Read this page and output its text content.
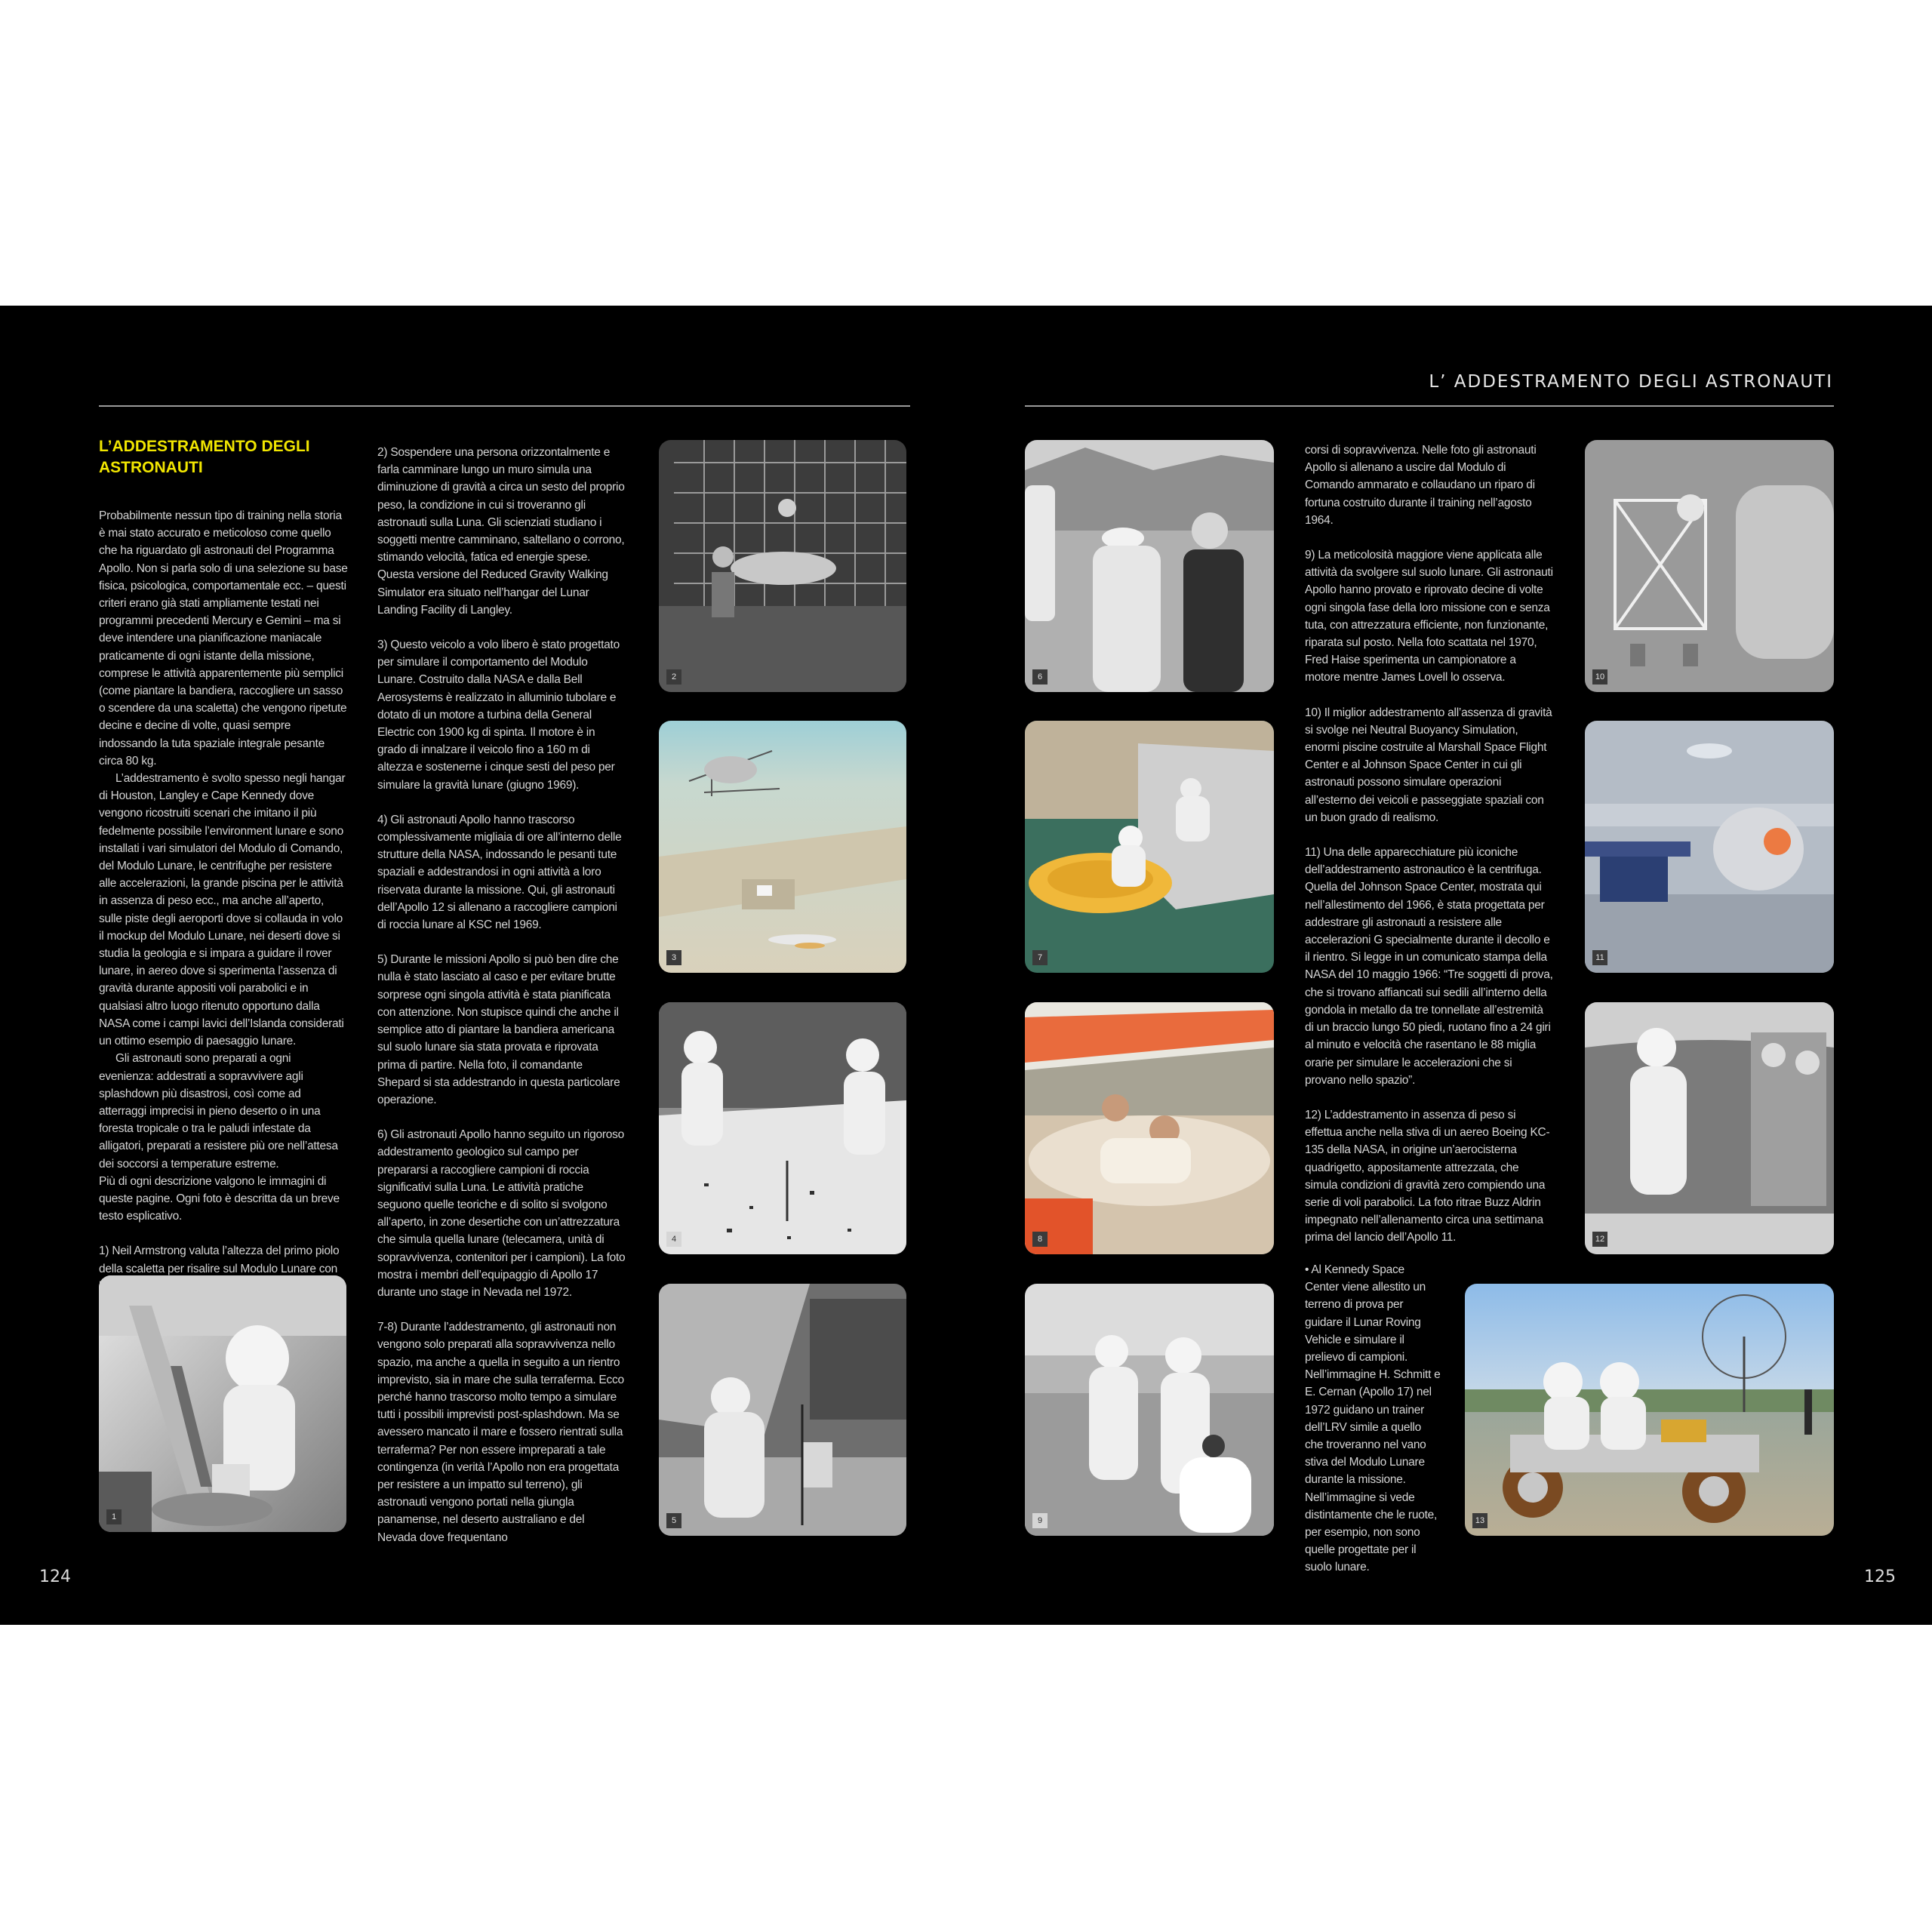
L’ ADDESTRAMENTO DEGLI ASTRONAUTI
L’ADDESTRAMENTO DEGLI ASTRONAUTI

Probabilmente nessun tipo di training nella storia è mai stato accurato e meticoloso come quello che ha riguardato gli astronauti del Programma Apollo. Non si parla solo di una selezione su base fisica, psicologica, comportamentale ecc. – questi criteri erano già stati ampliamente testati nei programmi precedenti Mercury e Gemini – ma si deve intendere una pianificazione maniacale praticamente di ogni istante della missione, comprese le attività apparentemente più semplici (come piantare la bandiera, raccogliere un sasso o scendere da una scaletta) che vengono ripetute decine e decine di volte, quasi sempre indossando la tuta spaziale integrale pesante circa 80 kg.

L’addestramento è svolto spesso negli hangar di Houston, Langley e Cape Kennedy dove vengono ricostruiti scenari che imitano il più fedelmente possibile l’environment lunare e sono installati i vari simulatori del Modulo di Comando, del Modulo Lunare, le centrifughe per resistere alle accelerazioni, la grande piscina per le attività in assenza di peso ecc., ma anche all’aperto, sulle piste degli aeroporti dove si collauda in volo il mockup del Modulo Lunare, nei deserti dove si studia la geologia e si impara a guidare il rover lunare, in aereo dove si sperimenta l’assenza di gravità durante appositi voli parabolici e in qualsiasi altro luogo ritenuto opportuno dalla NASA come i campi lavici dell’Islanda considerati un ottimo esempio di paesaggio lunare.

Gli astronauti sono preparati a ogni evenienza: addestrati a sopravvivere agli splashdown più disastrosi, così come ad atterraggi imprecisi in pieno deserto o in una foresta tropicale o tra le paludi infestate da alligatori, preparati a resistere più ore nell’attesa dei soccorsi a temperature estreme.

Più di ogni descrizione valgono le immagini di queste pagine. Ogni foto è descritta da un breve testo esplicativo.

1) Neil Armstrong valuta l’altezza del primo piolo della scaletta per risalire sul Modulo Lunare con

2) Sospendere una persona orizzontalmente e farla camminare lungo un muro simula una diminuzione di gravità a circa un sesto del proprio peso, la condizione in cui si troveranno gli astronauti sulla Luna. Gli scienziati studiano i soggetti mentre camminano, saltellano o corrono, stimando velocità, fatica ed energie spese.

Questa versione del Reduced Gravity Walking Simulator era situato nell’hangar del Lunar Landing Facility di Langley.

3) Questo veicolo a volo libero è stato progettato per simulare il comportamento del Modulo Lunare. Costruito dalla NASA e dalla Bell Aerosystems è realizzato in alluminio tubolare e dotato di un motore a turbina della General Electric con 1900 kg di spinta. Il motore è in grado di innalzare il veicolo fino a 160 m di altezza e sostenerne i cinque sesti del peso per simulare la gravità lunare (giugno 1969).

4) Gli astronauti Apollo hanno trascorso complessivamente migliaia di ore all’interno delle strutture della NASA, indossando le pesanti tute spaziali e addestrandosi in ogni attività a loro riservata durante la missione. Qui, gli astronauti dell’Apollo 12 si allenano a raccogliere campioni di roccia lunare al KSC nel 1969.

5) Durante le missioni Apollo si può ben dire che nulla è stato lasciato al caso e per evitare brutte sorprese ogni singola attività è stata pianificata con attenzione. Non stupisce quindi che anche il semplice atto di piantare la bandiera americana sul suolo lunare sia stata provata e riprovata prima di partire. Nella foto, il comandante Shepard si sta addestrando in questa particolare operazione.

6) Gli astronauti Apollo hanno seguito un rigoroso addestramento geologico sul campo per prepararsi a raccogliere campioni di roccia significativi sulla Luna. Le attività pratiche seguono quelle teoriche e di solito si svolgono all’aperto, in zone desertiche con un’attrezzatura che simula quella lunare (telecamera, unità di sopravvivenza, contenitori per i campioni). La foto mostra i membri dell’equipaggio di Apollo 17 durante uno stage in Nevada nel 1972.

7-8) Durante l’addestramento, gli astronauti non vengono solo preparati alla sopravvivenza nello spazio, ma anche a quella in seguito a un rientro imprevisto, sia in mare che sulla terraferma. Ecco perché hanno trascorso molto tempo a simulare tutti i possibili imprevisti post-splashdown. Ma se avessero mancato il mare e fossero rientrati sulla terraferma? Per non essere impreparati a tale contingenza (in verità l’Apollo non era progettata per resistere a un impatto sul terreno), gli astronauti vengono portati nella giungla panamense, nel deserto australiano e del Nevada dove frequentano

corsi di sopravvivenza. Nelle foto gli astronauti Apollo si allenano a uscire dal Modulo di Comando ammarato e collaudano un riparo di fortuna costruito durante il training nell’agosto 1964.

9) La meticolosità maggiore viene applicata alle attività da svolgere sul suolo lunare. Gli astronauti Apollo hanno provato e riprovato decine di volte ogni singola fase della loro missione con e senza tuta, con attrezzatura efficiente, non funzionante, riparata sul posto. Nella foto scattata nel 1970, Fred Haise sperimenta un campionatore a motore mentre James Lovell lo osserva.

10) Il miglior addestramento all’assenza di gravità si svolge nei Neutral Buoyancy Simulation, enormi piscine costruite al Marshall Space Flight Center e al Johnson Space Center in cui gli astronauti possono simulare operazioni all’esterno dei veicoli e passeggiate spaziali con un buon grado di realismo.

11) Una delle apparecchiature più iconiche dell’addestramento astronautico è la centrifuga. Quella del Johnson Space Center, mostrata qui nell’allestimento del 1966, è stata progettata per addestrare gli astronauti a resistere alle accelerazioni G specialmente durante il decollo e il rientro. Si legge in un comunicato stampa della NASA del 10 maggio 1966: “Tre soggetti di prova, che si trovano affiancati sui sedili all’interno della gondola in metallo da tre tonnellate all’estremità di un braccio lungo 50 piedi, ruotano fino a 24 giri al minuto e velocità che rasentano le 88 miglia orarie per simulare le accelerazioni che si provano nello spazio”.

12) L’addestramento in assenza di peso si effettua anche nella stiva di un aereo Boeing KC-135 della NASA, in origine un’aerocisterna quadrigetto, appositamente attrezzata, che simula condizioni di gravità zero compiendo una serie di voli parabolici. La foto ritrae Buzz Aldrin impegnato nell’allenamento circa una settimana prima del lancio dell’Apollo 11.

• Al Kennedy Space Center viene allestito un terreno di prova per guidare il Lunar Roving Vehicle e simulare il prelievo di campioni. Nell’immagine H. Schmitt e E. Cernan (Apollo 17) nel 1972 guidano un trainer dell’LRV simile a quello che troveranno nel vano stiva del Modulo Lunare durante la missione. Nell’immagine si vede distintamente che le ruote, per esempio, non sono quelle progettate per il suolo lunare.

1
2
3
4
5
6
7
8
9
10
11
12
13
124	125
